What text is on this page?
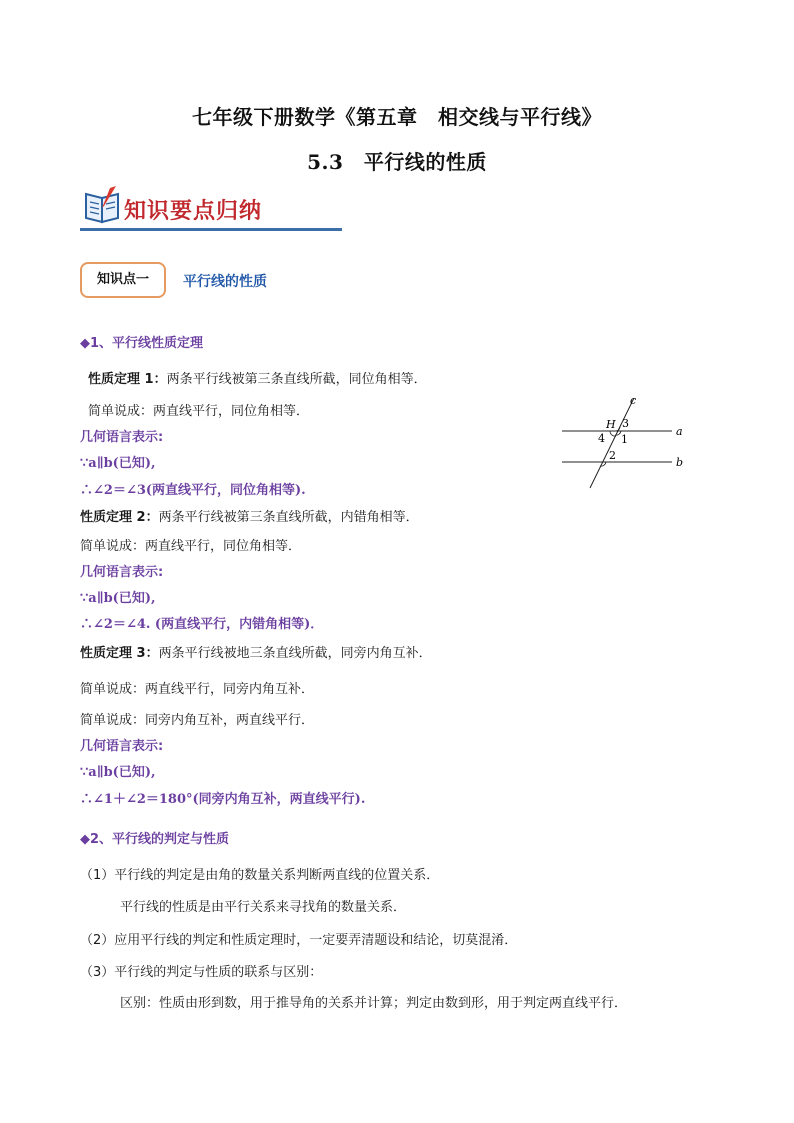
七年级下册数学《第五章　相交线与平行线》
5.3　平行线的性质
知识要点归纳
知识点一	平行线的性质
◆1、平行线性质定理
性质定理 1：两条平行线被第三条直线所截，同位角相等．
简单说成：两直线平行，同位角相等．
几何语言表示:
∵a∥b(已知),
∴∠2＝∠3(两直线平行，同位角相等).
性质定理 2：两条平行线被第三条直线所截，内错角相等．
简单说成：两直线平行，同位角相等．
几何语言表示:
∵a∥b(已知),
∴∠2＝∠4. (两直线平行，内错角相等)．
性质定理 3：两条平行线被地三条直线所截，同旁内角互补．
简单说成：两直线平行，同旁内角互补．
简单说成：同旁内角互补，两直线平行．
几何语言表示:
∵a∥b(已知),
∴∠1＋∠2＝180°(同旁内角互补，两直线平行).
c
a
b
H 3
4 1
2
◆2、平行线的判定与性质
（1）平行线的判定是由角的数量关系判断两直线的位置关系．
平行线的性质是由平行关系来寻找角的数量关系．
（2）应用平行线的判定和性质定理时，一定要弄清题设和结论，切莫混淆．
（3）平行线的判定与性质的联系与区别：
区别：性质由形到数，用于推导角的关系并计算；判定由数到形，用于判定两直线平行．
